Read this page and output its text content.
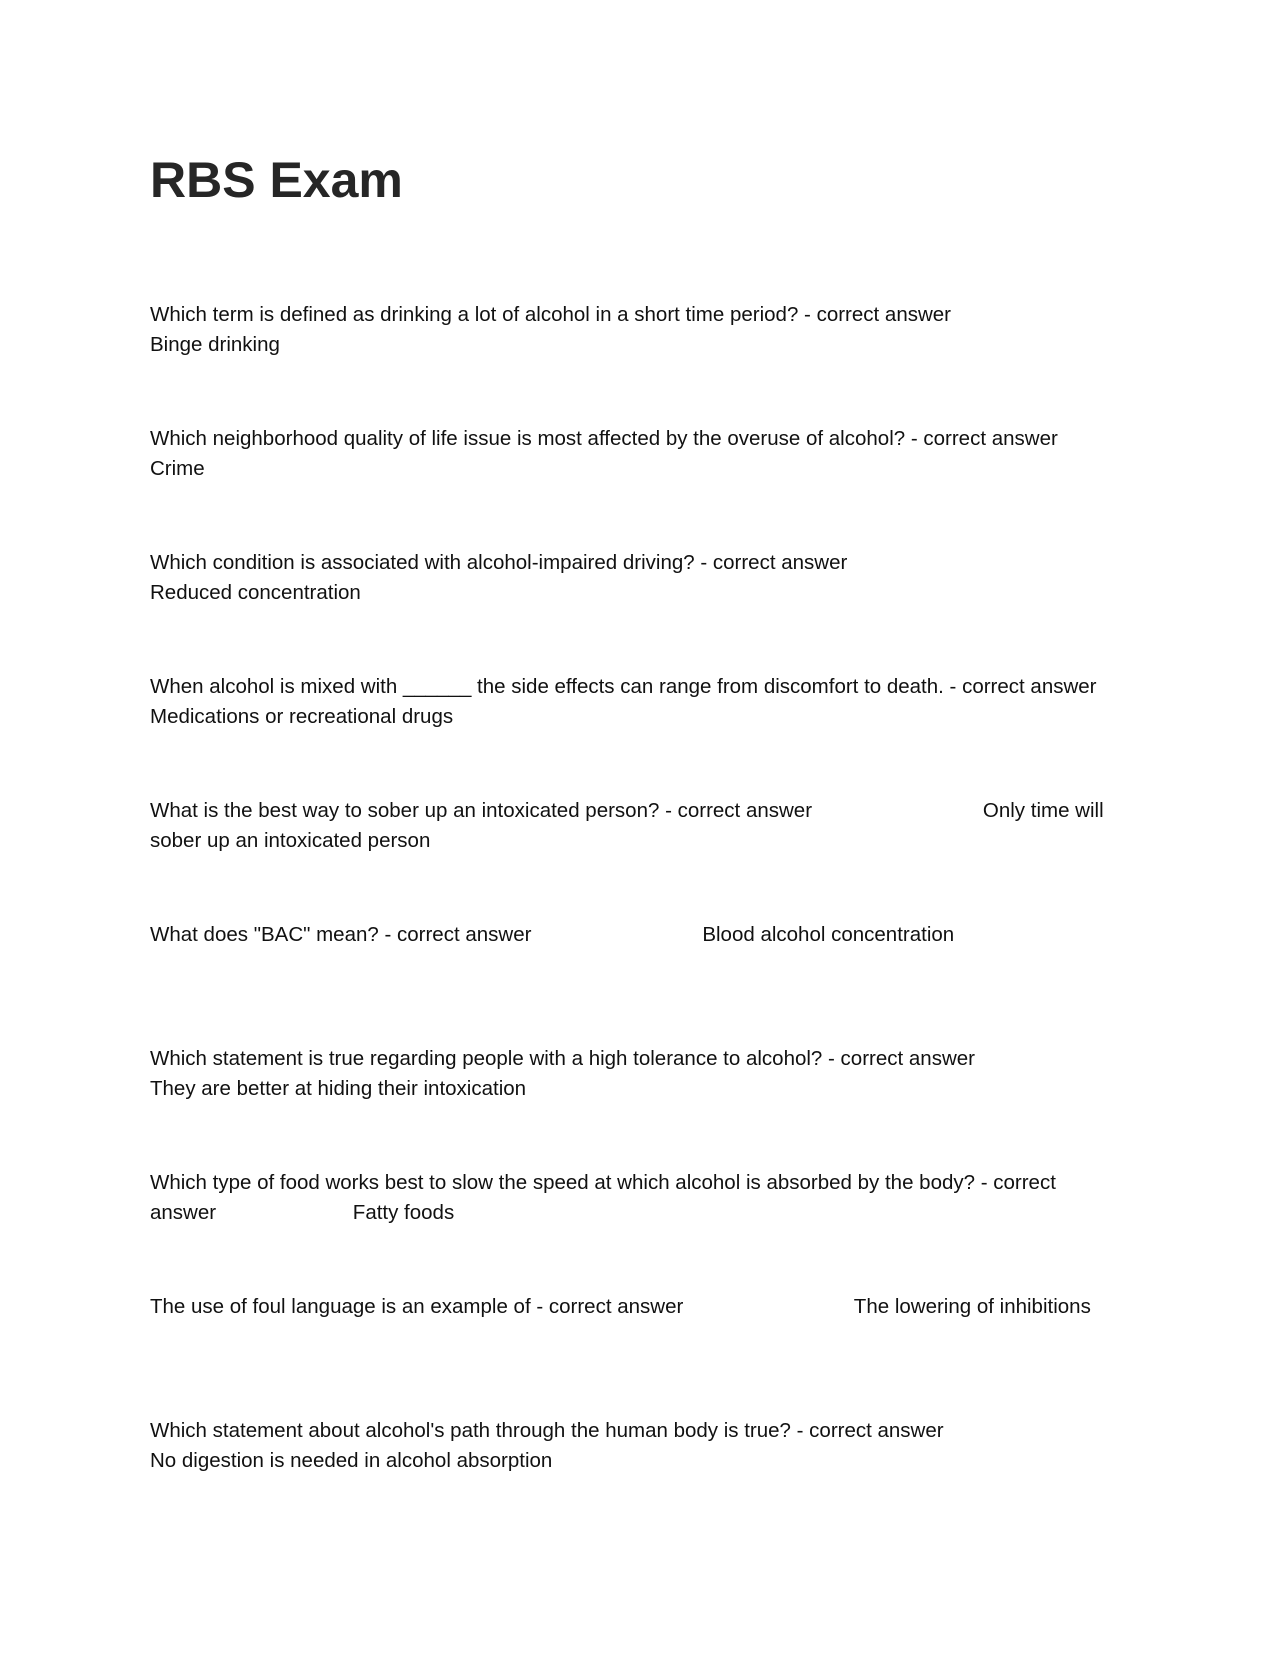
RBS Exam

Which term is defined as drinking a lot of alcohol in a short time period? - correct answer
Binge drinking

Which neighborhood quality of life issue is most affected by the overuse of alcohol? - correct answer
Crime

Which condition is associated with alcohol-impaired driving? - correct answer
Reduced concentration

When alcohol is mixed with ______ the side effects can range from discomfort to death. - correct answer                        Medications or recreational drugs

What is the best way to sober up an intoxicated person? - correct answer	Only time will sober up an intoxicated person

What does "BAC" mean? - correct answer	Blood alcohol concentration

Which statement is true regarding people with a high tolerance to alcohol? - correct answer
They are better at hiding their intoxication

Which type of food works best to slow the speed at which alcohol is absorbed by the body? - correct answer	Fatty foods

The use of foul language is an example of - correct answer	The lowering of inhibitions

Which statement about alcohol's path through the human body is true? - correct answer
No digestion is needed in alcohol absorption
